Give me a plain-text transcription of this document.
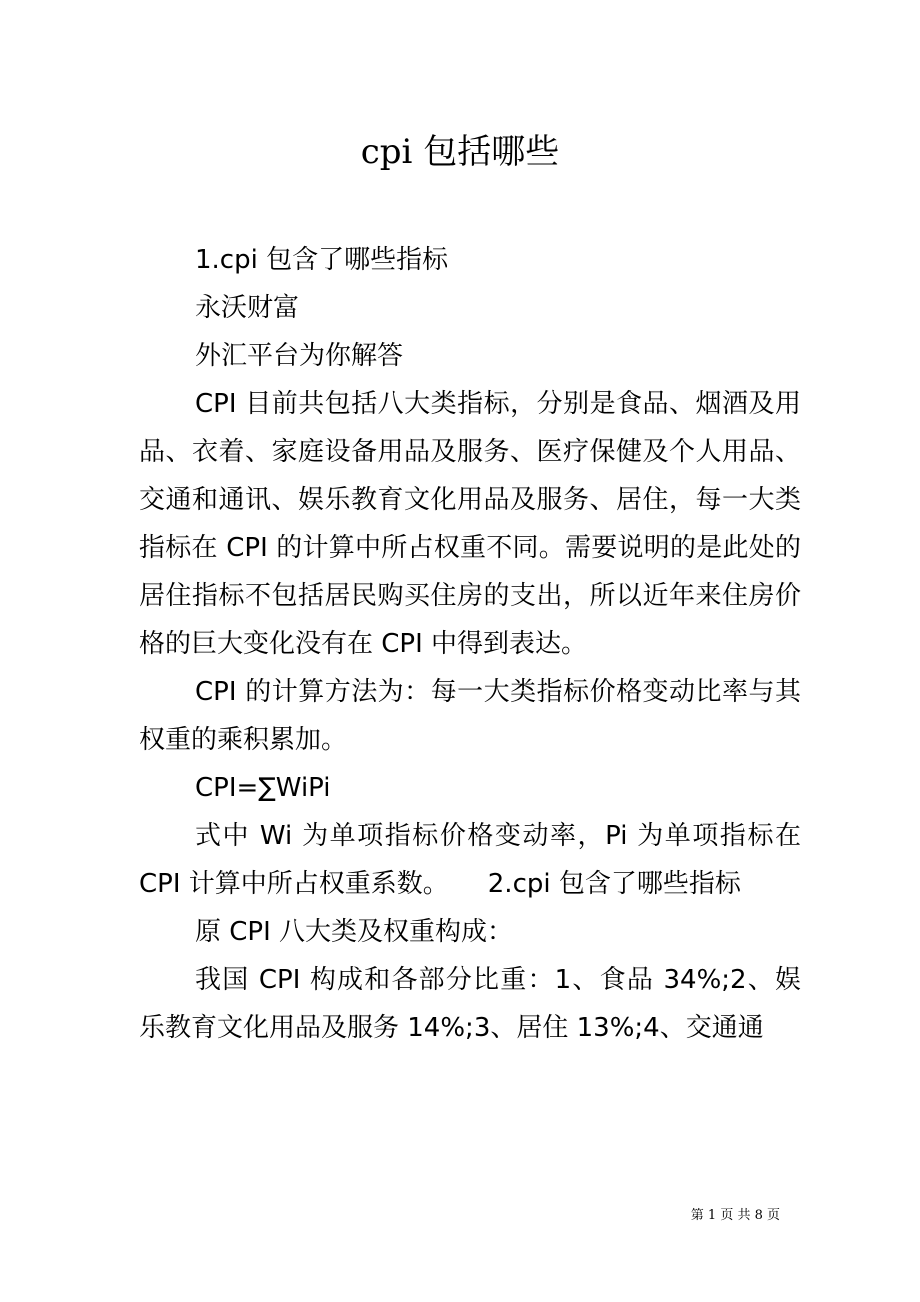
cpi 包括哪些

1.cpi 包含了哪些指标

永沃财富

外汇平台为你解答

CPI 目前共包括八大类指标，分别是食品、烟酒及用品、衣着、家庭设备用品及服务、医疗保健及个人用品、交通和通讯、娱乐教育文化用品及服务、居住，每一大类指标在 CPI 的计算中所占权重不同。需要说明的是此处的居住指标不包括居民购买住房的支出，所以近年来住房价格的巨大变化没有在 CPI 中得到表达。

CPI 的计算方法为：每一大类指标价格变动比率与其权重的乘积累加。

CPI=∑WiPi

式中 Wi 为单项指标价格变动率，Pi 为单项指标在 CPI 计算中所占权重系数。　　2.cpi 包含了哪些指标

原 CPI 八大类及权重构成：

我国 CPI 构成和各部分比重：1、食品 34%;2、娱乐教育文化用品及服务 14%;3、居住 13%;4、交通通

第 1 页 共 8 页
